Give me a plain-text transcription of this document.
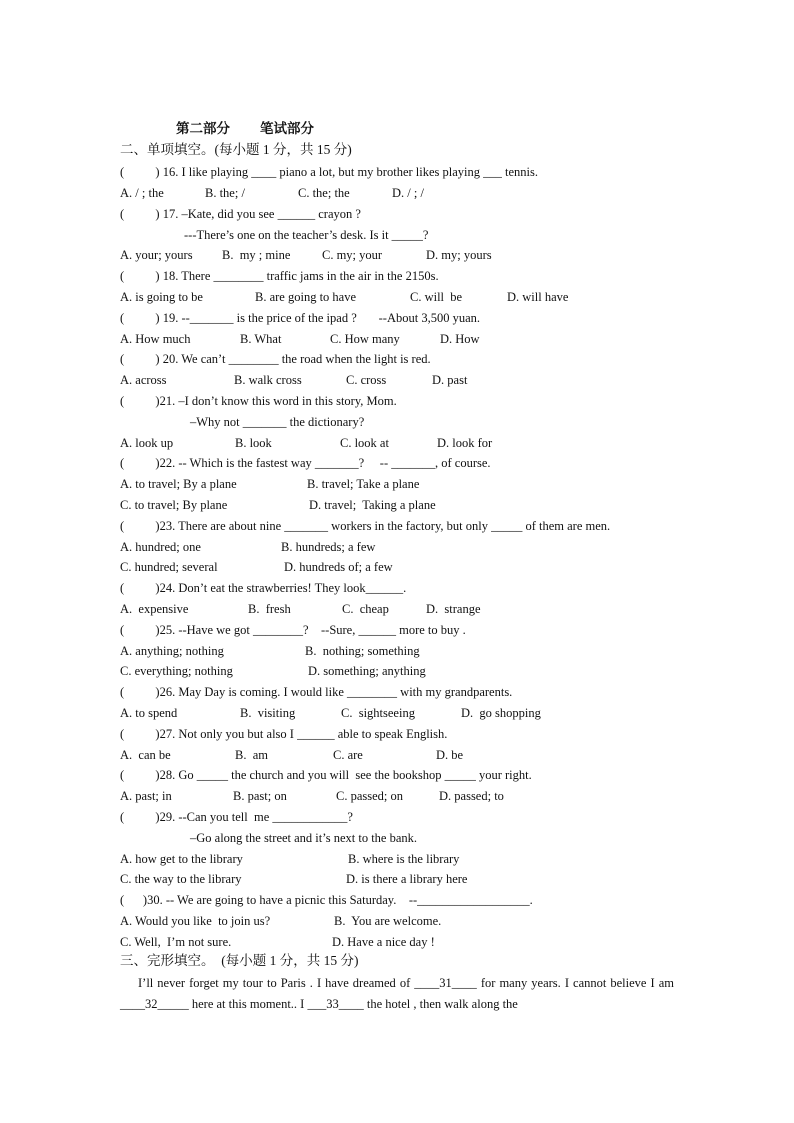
第二部分 笔试部分
二、单项填空。(每小题 1 分，共 15 分)
(          ) 16. I like playing ____ piano a lot, but my brother likes playing ___ tennis.
A. / ; the	B. the; /	C. the; the	D. / ; /
(          ) 17. –Kate, did you see ______ crayon ?
---There’s one on the teacher’s desk. Is it _____?
A. your; yours B.  my ; mine	C. my; your	D. my; yours
(          ) 18. There ________ traffic jams in the air in the 2150s.
A. is going to be	B. are going to have	C. will  be	D. will have
(          ) 19. --_______ is the price of the ipad ?       --About 3,500 yuan.
A. How much	B. What	C. How many	D. How
(          ) 20. We can’t ________ the road when the light is red.
A. across	B. walk cross	C. cross	D. past
(          )21. –I don’t know this word in this story, Mom.
–Why not _______ the dictionary?
A. look up	B. look	C. look at	D. look for
(          )22. -- Which is the fastest way _______?     -- _______, of course.
A. to travel; By a plane	B. travel; Take a plane
C. to travel; By plane	D. travel;  Taking a plane
(          )23. There are about nine _______ workers in the factory, but only _____ of them are men.
A. hundred; one	B. hundreds; a few
C. hundred; several	D. hundreds of; a few
(          )24. Don’t eat the strawberries! They look______.
A.  expensive	B.  fresh	C.  cheap	D.  strange
(          )25. --Have we got ________?    --Sure, ______ more to buy .
A. anything; nothing	B.  nothing; something
C. everything; nothing	D. something; anything
(          )26. May Day is coming. I would like ________ with my grandparents.
A. to spend	B.  visiting	C.  sightseeing	D.  go shopping
(          )27. Not only you but also I ______ able to speak English.
A.  can be	B.  am	C. are	D. be
(          )28. Go _____ the church and you will  see the bookshop _____ your right.
A. past; in	B. past; on	C. passed; on	D. passed; to
(          )29. --Can you tell  me ____________?
–Go along the street and it’s next to the bank.
A. how get to the library	B. where is the library
C. the way to the library	D. is there a library here
(      )30. -- We are going to have a picnic this Saturday.    --__________________.
A. Would you like  to join us?	B.  You are welcome.
C. Well,  I’m not sure.	D. Have a nice day !
三、完形填空。  (每小题 1 分，共 15 分)
I’ll never forget my tour to Paris . I have dreamed of ____31____ for many years. I cannot believe I am ____32_____ here at this moment.. I ___33____ the hotel , then walk along the
